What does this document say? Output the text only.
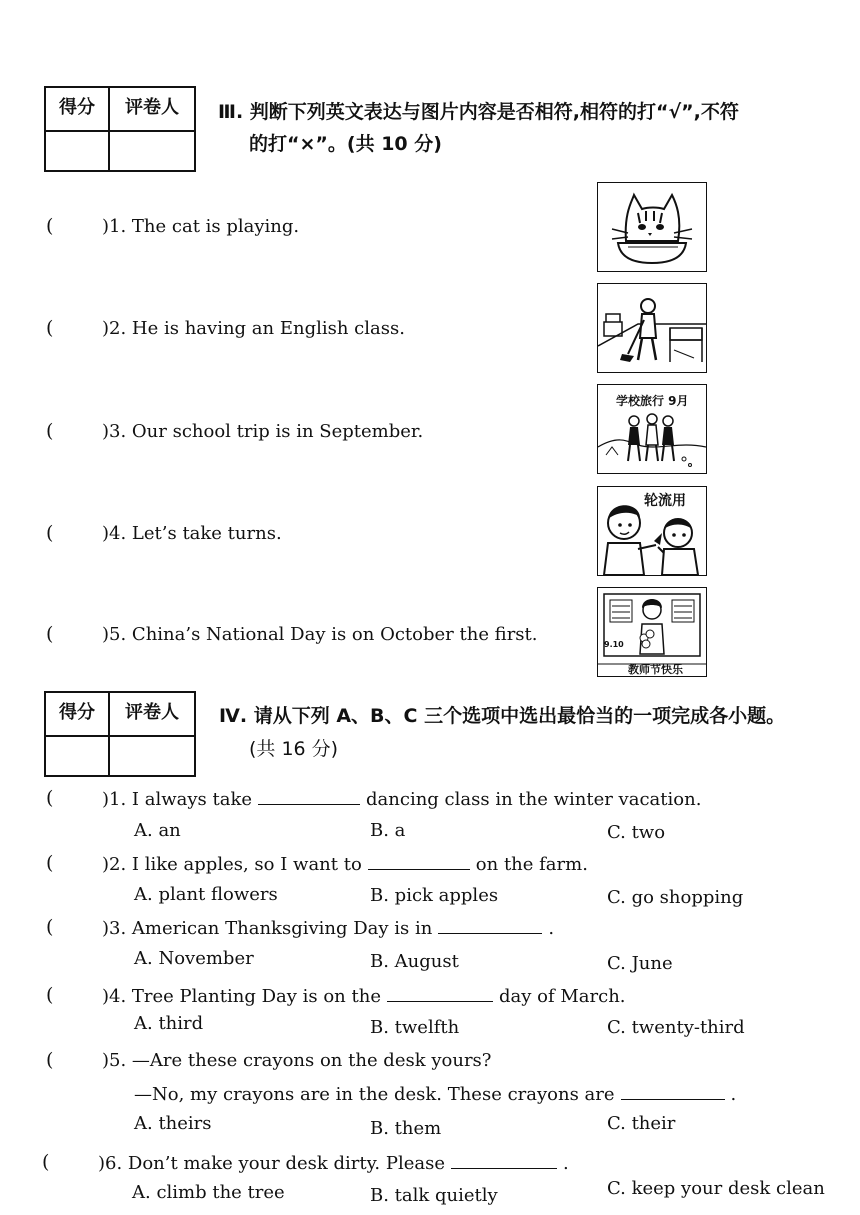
得分	评卷人	Ⅲ. 判断下列英文表达与图片内容是否相符,相符的打“√”,不符
的打“×”。(共 10 分)
(	)1. The cat is playing.
(	)2. He is having an English class.
(	)3. Our school trip is in September.
(	)4. Let’s take turns.
(	)5. China’s National Day is on October the first.
学校旅行 9月
轮流用
9.10
教师节快乐
得分	评卷人	Ⅳ. 请从下列 A、B、C 三个选项中选出最恰当的一项完成各小题。
(共 16 分)
(	)1. I always take	dancing class in the winter vacation.
A. an	B. a	C. two
(	)2. I like apples, so I want to	on the farm.
A. plant flowers	B. pick apples	C. go shopping
(	)3. American Thanksgiving Day is in	.
A. November	B. August	C. June
(	)4. Tree Planting Day is on the	day of March.
A. third	B. twelfth	C. twenty-third
(	)5. —Are these crayons on the desk yours?
—No, my crayons are in the desk. These crayons are	.
A. theirs	B. them	C. their
(	)6. Don’t make your desk dirty. Please	.
A. climb the tree	B. talk quietly	C. keep your desk clean
